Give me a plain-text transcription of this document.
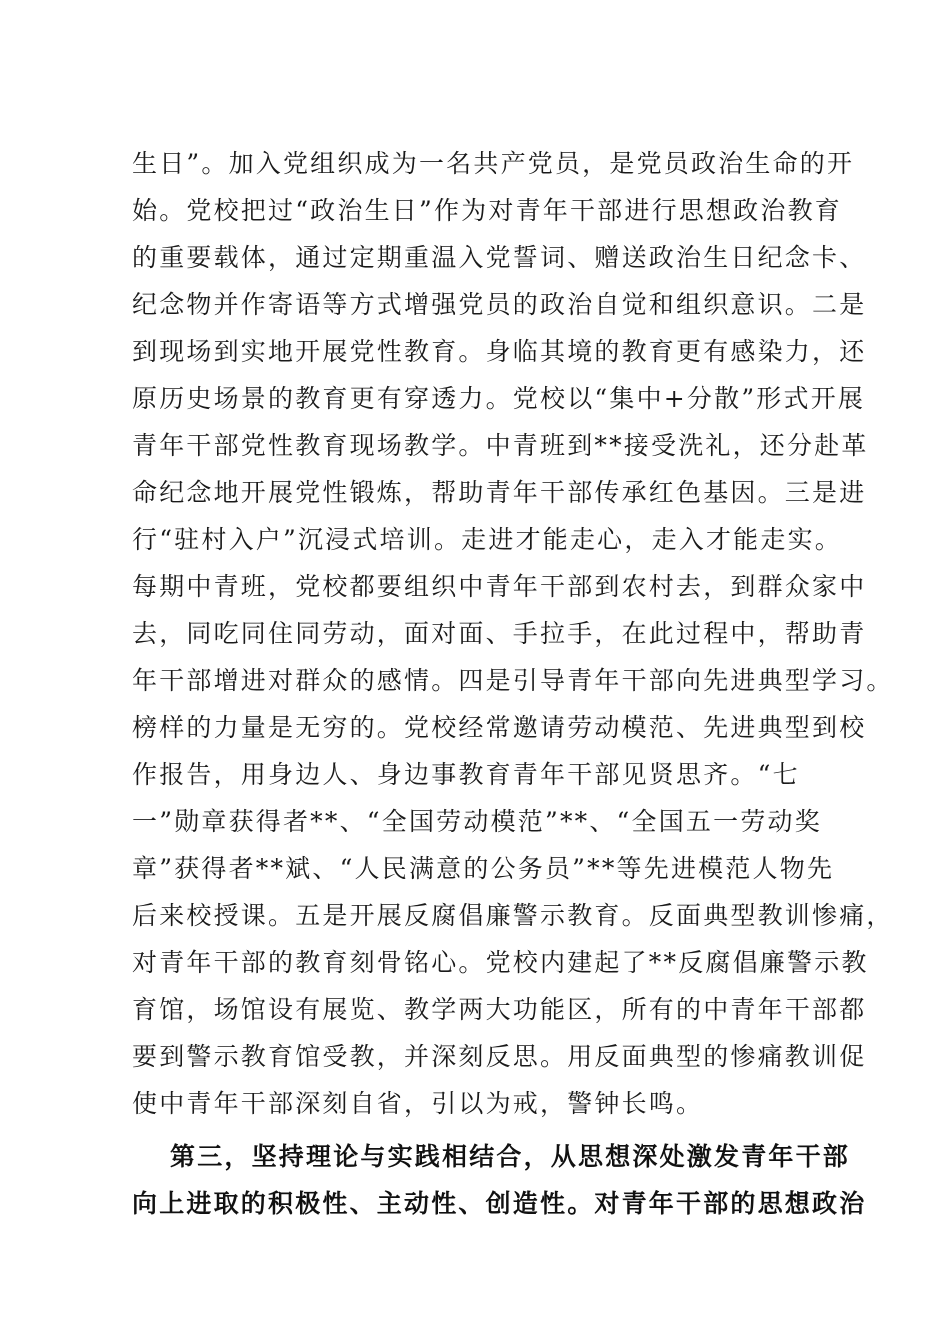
生日”。加入党组织成为一名共产党员，是党员政治生命的开
始。党校把过“政治生日”作为对青年干部进行思想政治教育
的重要载体，通过定期重温入党誓词、赠送政治生日纪念卡、
纪念物并作寄语等方式增强党员的政治自觉和组织意识。二是
到现场到实地开展党性教育。身临其境的教育更有感染力，还
原历史场景的教育更有穿透力。党校以“集中+分散”形式开展
青年干部党性教育现场教学。中青班到**接受洗礼，还分赴革
命纪念地开展党性锻炼，帮助青年干部传承红色基因。三是进
行“驻村入户”沉浸式培训。走进才能走心，走入才能走实。
每期中青班，党校都要组织中青年干部到农村去，到群众家中
去，同吃同住同劳动，面对面、手拉手，在此过程中，帮助青
年干部增进对群众的感情。四是引导青年干部向先进典型学习。
榜样的力量是无穷的。党校经常邀请劳动模范、先进典型到校
作报告，用身边人、身边事教育青年干部见贤思齐。“七
一”勋章获得者**、“全国劳动模范”**、“全国五一劳动奖
章”获得者**斌、“人民满意的公务员”**等先进模范人物先
后来校授课。五是开展反腐倡廉警示教育。反面典型教训惨痛，
对青年干部的教育刻骨铭心。党校内建起了**反腐倡廉警示教
育馆，场馆设有展览、教学两大功能区，所有的中青年干部都
要到警示教育馆受教，并深刻反思。用反面典型的惨痛教训促
使中青年干部深刻自省，引以为戒，警钟长鸣。
第三，坚持理论与实践相结合，从思想深处激发青年干部
向上进取的积极性、主动性、创造性。对青年干部的思想政治
